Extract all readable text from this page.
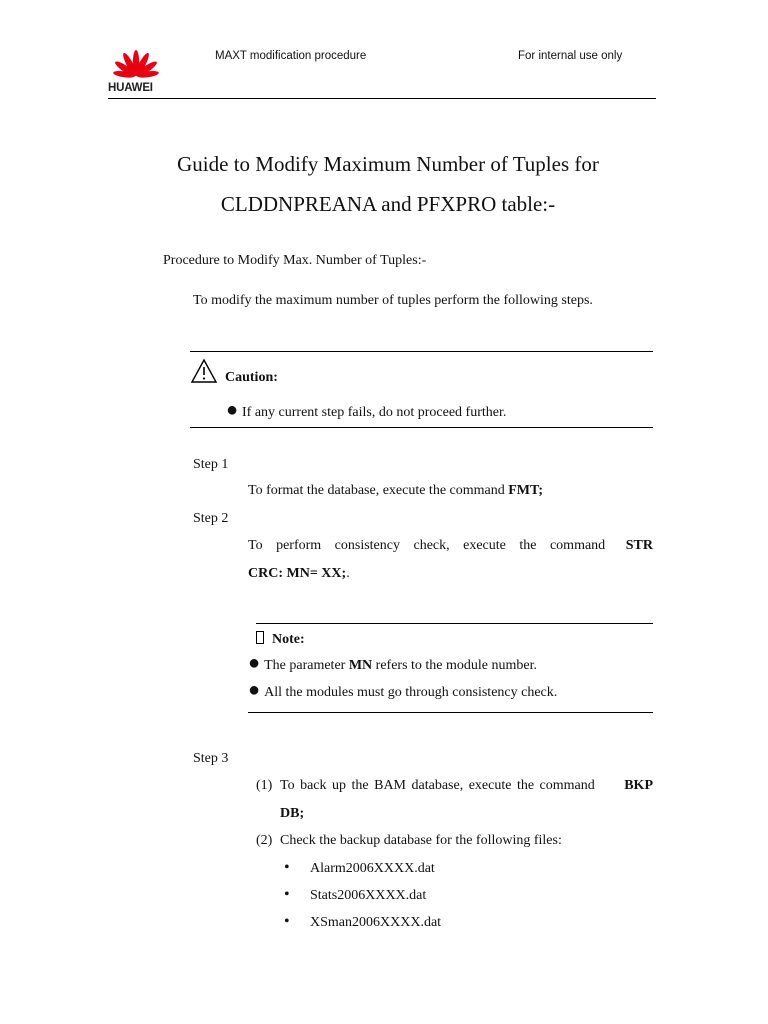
HUAWEI
MAXT modification procedure	For internal use only
Guide to Modify Maximum Number of Tuples for
CLDDNPREANA and PFXPRO table:-
Procedure to Modify Max. Number of Tuples:-
To modify the maximum number of tuples perform the following steps.
Caution:
● If any current step fails, do not proceed further.
Step 1
To format the database, execute the command FMT;
Step 2
To perform consistency check, execute the command STR
CRC: MN= XX;.
Note:
● The parameter MN refers to the module number.
● All the modules must go through consistency check.
Step 3
(1) To back up the BAM database, execute the command BKP
DB;
(2) Check the backup database for the following files:
• Alarm2006XXXX.dat
• Stats2006XXXX.dat
• XSman2006XXXX.dat
